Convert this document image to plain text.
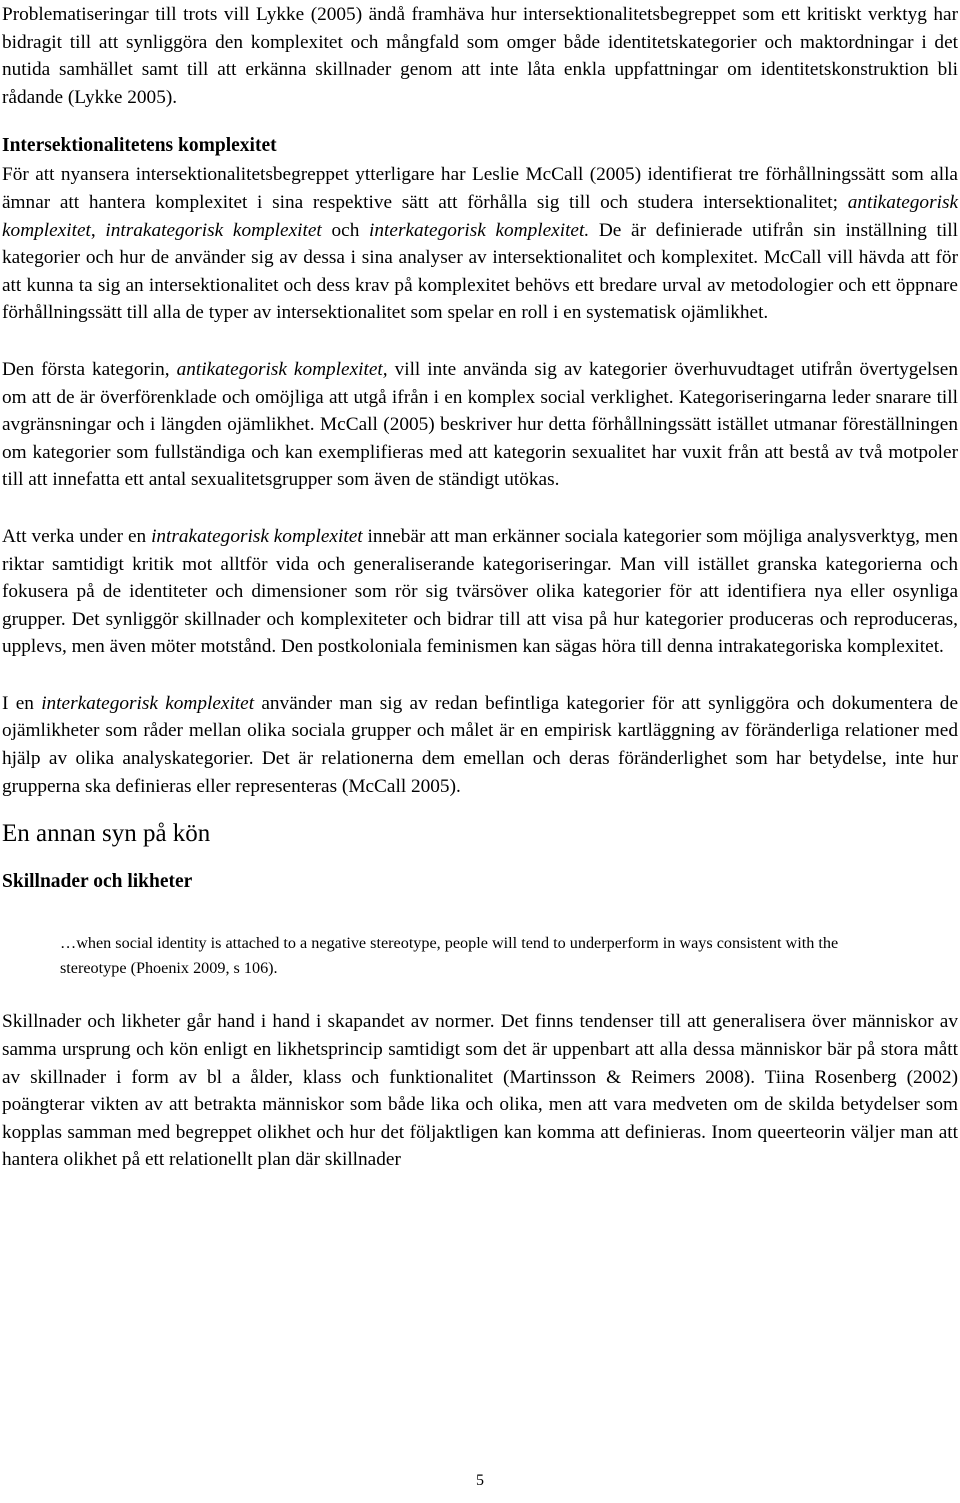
Problematiseringar till trots vill Lykke (2005) ändå framhäva hur intersektionalitetsbegreppet som ett kritiskt verktyg har bidragit till att synliggöra den komplexitet och mångfald som omger både identitetskategorier och maktordningar i det nutida samhället samt till att erkänna skillnader genom att inte låta enkla uppfattningar om identitetskonstruktion bli rådande (Lykke 2005).

Intersektionalitetens komplexitet

För att nyansera intersektionalitetsbegreppet ytterligare har Leslie McCall (2005) identifierat tre förhållningssätt som alla ämnar att hantera komplexitet i sina respektive sätt att förhålla sig till och studera intersektionalitet; antikategorisk komplexitet, intrakategorisk komplexitet och interkategorisk komplexitet. De är definierade utifrån sin inställning till kategorier och hur de använder sig av dessa i sina analyser av intersektionalitet och komplexitet. McCall vill hävda att för att kunna ta sig an intersektionalitet och dess krav på komplexitet behövs ett bredare urval av metodologier och ett öppnare förhållningssätt till alla de typer av intersektionalitet som spelar en roll i en systematisk ojämlikhet.

Den första kategorin, antikategorisk komplexitet, vill inte använda sig av kategorier överhuvudtaget utifrån övertygelsen om att de är överförenklade och omöjliga att utgå ifrån i en komplex social verklighet. Kategoriseringarna leder snarare till avgränsningar och i längden ojämlikhet. McCall (2005) beskriver hur detta förhållningssätt istället utmanar föreställningen om kategorier som fullständiga och kan exemplifieras med att kategorin sexualitet har vuxit från att bestå av två motpoler till att innefatta ett antal sexualitetsgrupper som även de ständigt utökas.

Att verka under en intrakategorisk komplexitet innebär att man erkänner sociala kategorier som möjliga analysverktyg, men riktar samtidigt kritik mot alltför vida och generaliserande kategoriseringar. Man vill istället granska kategorierna och fokusera på de identiteter och dimensioner som rör sig tvärsöver olika kategorier för att identifiera nya eller osynliga grupper. Det synliggör skillnader och komplexiteter och bidrar till att visa på hur kategorier produceras och reproduceras, upplevs, men även möter motstånd. Den postkoloniala feminismen kan sägas höra till denna intrakategoriska komplexitet.

I en interkategorisk komplexitet använder man sig av redan befintliga kategorier för att synliggöra och dokumentera de ojämlikheter som råder mellan olika sociala grupper och målet är en empirisk kartläggning av föränderliga relationer med hjälp av olika analyskategorier. Det är relationerna dem emellan och deras föränderlighet som har betydelse, inte hur grupperna ska definieras eller representeras (McCall 2005).

En annan syn på kön
Skillnader och likheter
…when social identity is attached to a negative stereotype, people will tend to underperform in ways consistent with the stereotype (Phoenix 2009, s 106).

Skillnader och likheter går hand i hand i skapandet av normer. Det finns tendenser till att generalisera över människor av samma ursprung och kön enligt en likhetsprincip samtidigt som det är uppenbart att alla dessa människor bär på stora mått av skillnader i form av bl a ålder, klass och funktionalitet (Martinsson & Reimers 2008). Tiina Rosenberg (2002) poängterar vikten av att betrakta människor som både lika och olika, men att vara medveten om de skilda betydelser som kopplas samman med begreppet olikhet och hur det följaktligen kan komma att definieras. Inom queerteorin väljer man att hantera olikhet på ett relationellt plan där skillnader

5
